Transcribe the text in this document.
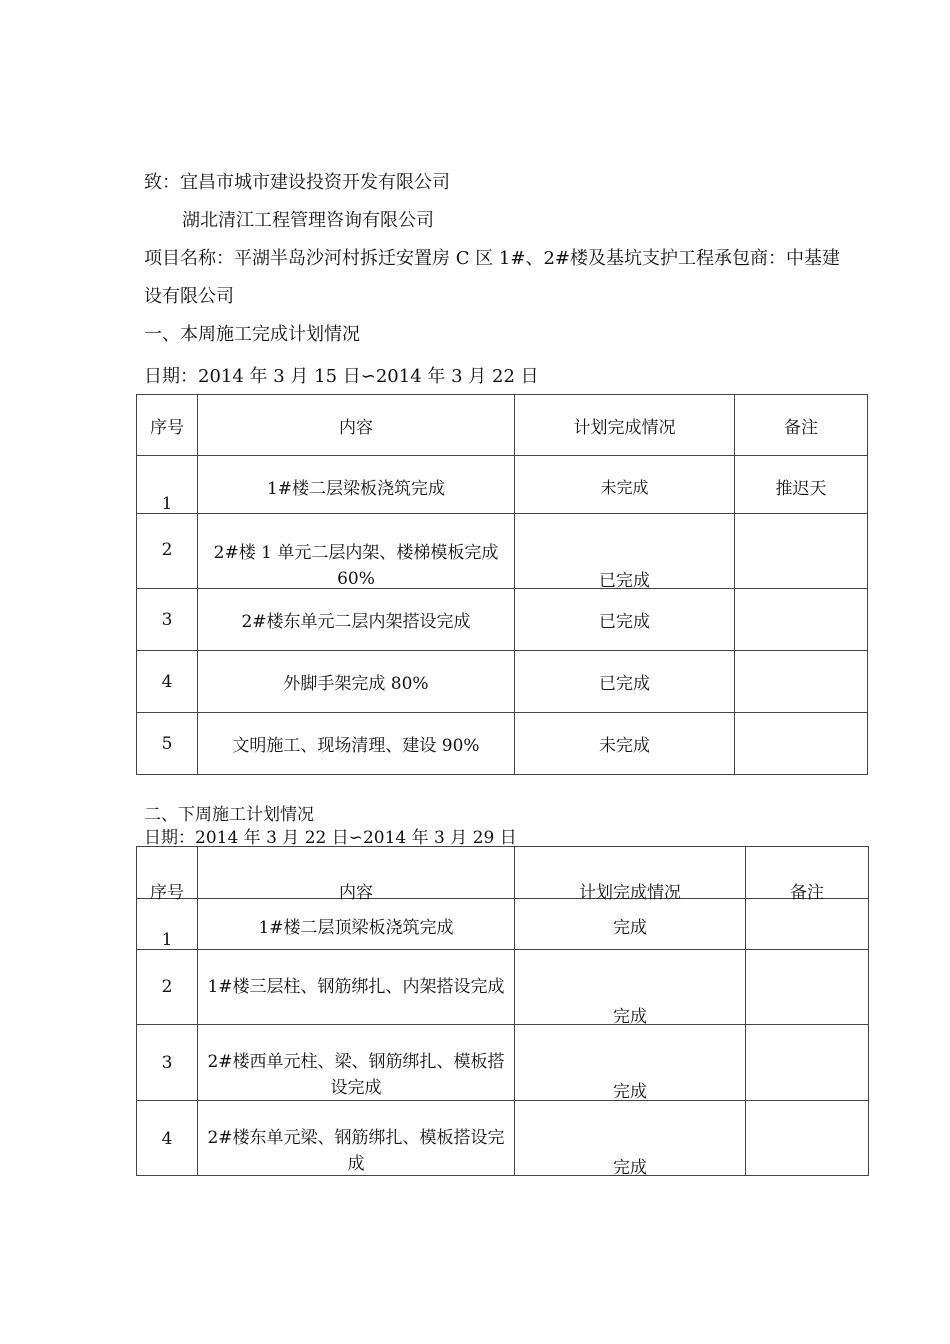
致：宜昌市城市建设投资开发有限公司
湖北清江工程管理咨询有限公司
项目名称：平湖半岛沙河村拆迁安置房 C 区 1#、2#楼及基坑支护工程承包商：中基建
设有限公司
一、本周施工完成计划情况
日期：2014 年 3 月 15 日∽2014 年 3 月 22 日
序号	内容	计划完成情况	备注

1	1#楼二层梁板浇筑完成	未完成	推迟天

2	2#楼 1 单元二层内架、楼梯模板完成 60%	已完成	

3	2#楼东单元二层内架搭设完成	已完成	
4	外脚手架完成 80%	已完成	
5	文明施工、现场清理、建设 90%	未完成	
二、下周施工计划情况
日期：2014 年 3 月 22 日∽2014 年 3 月 29 日
序号	内容	计划完成情况	备注

1	1#楼二层顶梁板浇筑完成	完成	

2	1#楼三层柱、钢筋绑扎、内架搭设完成	完成	

3	2#楼西单元柱、梁、钢筋绑扎、模板搭设完成	完成	

4	2#楼东单元梁、钢筋绑扎、模板搭设完成	完成	
